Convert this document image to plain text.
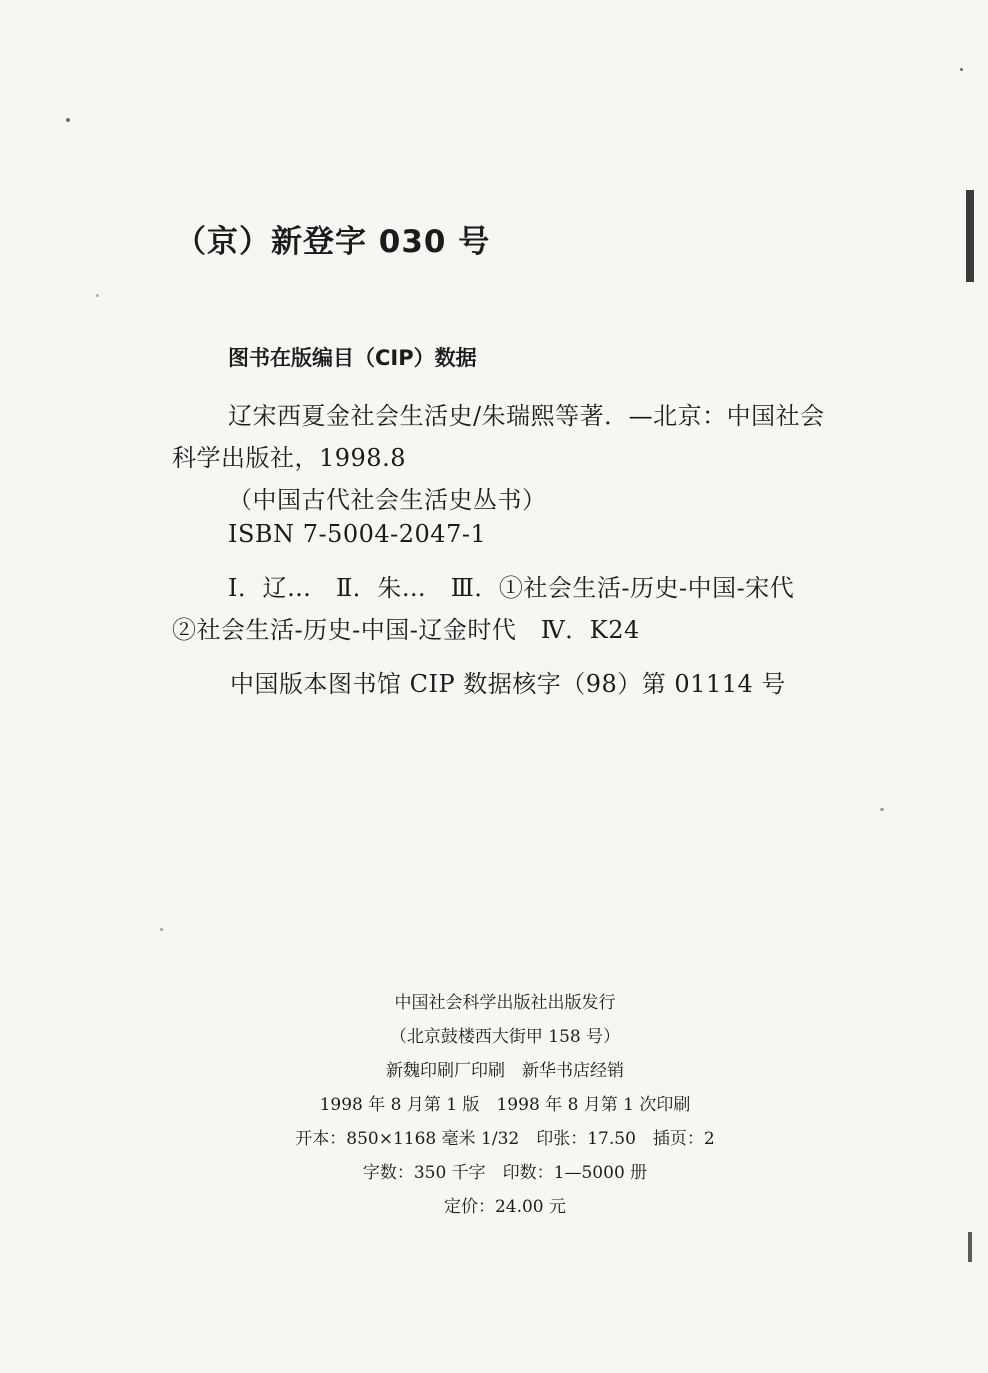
（京）新登字 030 号
图书在版编目（CIP）数据
辽宋西夏金社会生活史/朱瑞熙等著．—北京：中国社会
科学出版社，1998.8
（中国古代社会生活史丛书）
ISBN 7-5004-2047-1
Ⅰ．辽…　Ⅱ．朱…　Ⅲ．①社会生活-历史-中国-宋代
②社会生活-历史-中国-辽金时代　Ⅳ．K24
中国版本图书馆 CIP 数据核字（98）第 01114 号
中国社会科学出版社出版发行
（北京鼓楼西大街甲 158 号）
新魏印刷厂印刷　新华书店经销
1998 年 8 月第 1 版　1998 年 8 月第 1 次印刷
开本：850×1168 毫米 1/32　印张：17.50　插页：2
字数：350 千字　印数：1—5000 册
定价：24.00 元
